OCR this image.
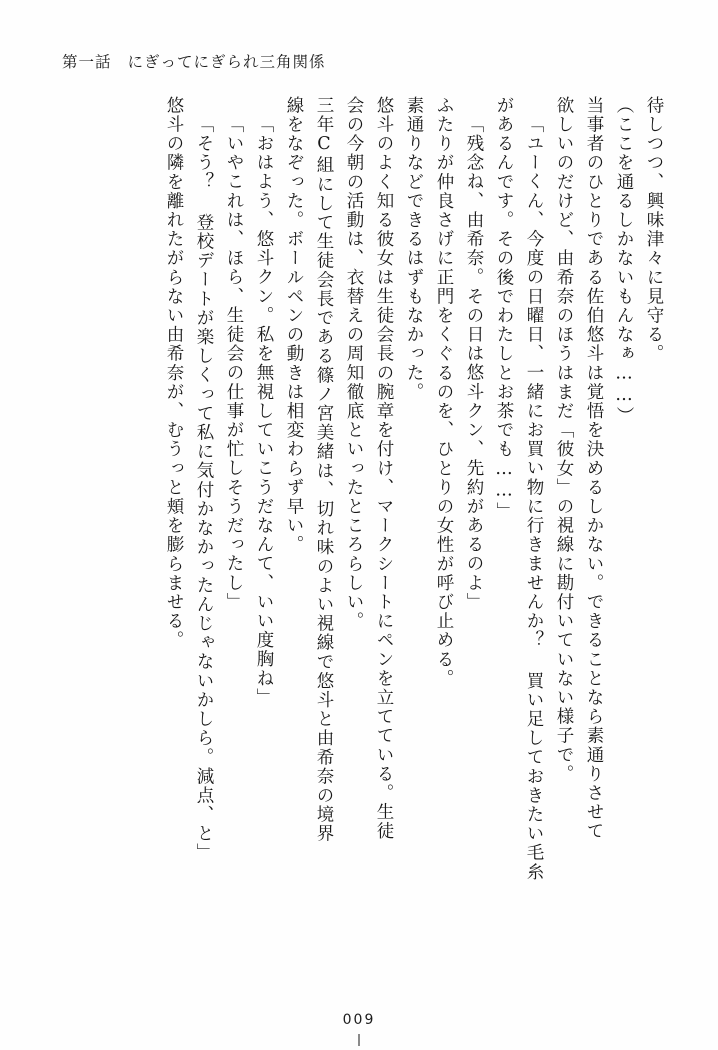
第一話 にぎってにぎられ三角関係
待しつつ、興味津々に見守る。
（ここを通るしかないもんなぁ……）
当事者のひとりである佐伯悠斗は覚悟を決めるしかない。できることなら素通りさせて
欲しいのだけど、由希奈のほうはまだ「彼女」の視線に勘付いていない様子で。
「ユーくん、今度の日曜日、一緒にお買い物に行きませんか？ 買い足しておきたい毛糸
があるんです。その後でわたしとお茶でも……」
「残念ね、由希奈。その日は悠斗クン、先約があるのよ」
ふたりが仲良さげに正門をくぐるのを、ひとりの女性が呼び止める。
素通りなどできるはずもなかった。
悠斗のよく知る彼女は生徒会長の腕章を付け、マークシートにペンを立てている。生徒
会の今朝の活動は、衣替えの周知徹底といったところらしい。
三年C組にして生徒会長である篠ノ宮美緒は、切れ味のよい視線で悠斗と由希奈の境界
線をなぞった。ボールペンの動きは相変わらず早い。
「おはよう、悠斗クン。私を無視していこうだなんて、いい度胸ね」
「いやこれは、ほら、生徒会の仕事が忙しそうだったし」
「そう？ 登校デートが楽しくって私に気付かなかったんじゃないかしら。減点、と」
悠斗の隣を離れたがらない由希奈が、むうっと頬を膨らませる。
009
